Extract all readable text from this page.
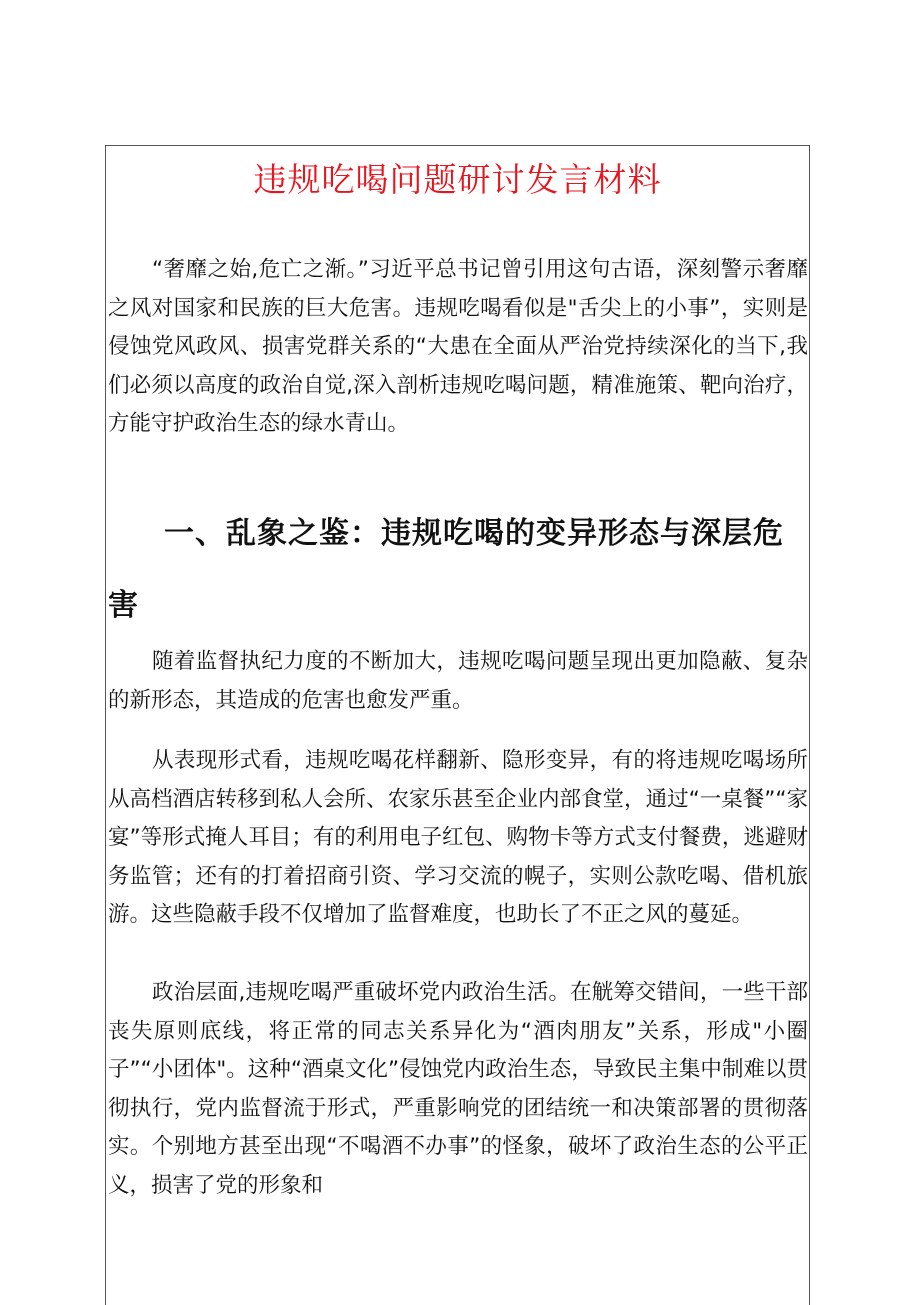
违规吃喝问题研讨发言材料

“奢靡之始,危亡之渐。”习近平总书记曾引用这句古语，深刻警示奢靡之风对国家和民族的巨大危害。违规吃喝看似是"舌尖上的小事”，实则是侵蚀党风政风、损害党群关系的“大患在全面从严治党持续深化的当下,我们必须以高度的政治自觉,深入剖析违规吃喝问题，精准施策、靶向治疗，方能守护政治生态的绿水青山。

一、乱象之鉴：违规吃喝的变异形态与深层危害

随着监督执纪力度的不断加大，违规吃喝问题呈现出更加隐蔽、复杂的新形态，其造成的危害也愈发严重。

从表现形式看，违规吃喝花样翻新、隐形变异，有的将违规吃喝场所从高档酒店转移到私人会所、农家乐甚至企业内部食堂，通过“一桌餐”“家宴”等形式掩人耳目；有的利用电子红包、购物卡等方式支付餐费，逃避财务监管；还有的打着招商引资、学习交流的幌子，实则公款吃喝、借机旅游。这些隐蔽手段不仅增加了监督难度，也助长了不正之风的蔓延。

政治层面,违规吃喝严重破坏党内政治生活。在觥筹交错间，一些干部丧失原则底线，将正常的同志关系异化为“酒肉朋友”关系，形成"小圈子”“小团体"。这种“酒桌文化”侵蚀党内政治生态，导致民主集中制难以贯彻执行，党内监督流于形式，严重影响党的团结统一和决策部署的贯彻落实。个别地方甚至出现“不喝酒不办事”的怪象，破坏了政治生态的公平正义，损害了党的形象和
